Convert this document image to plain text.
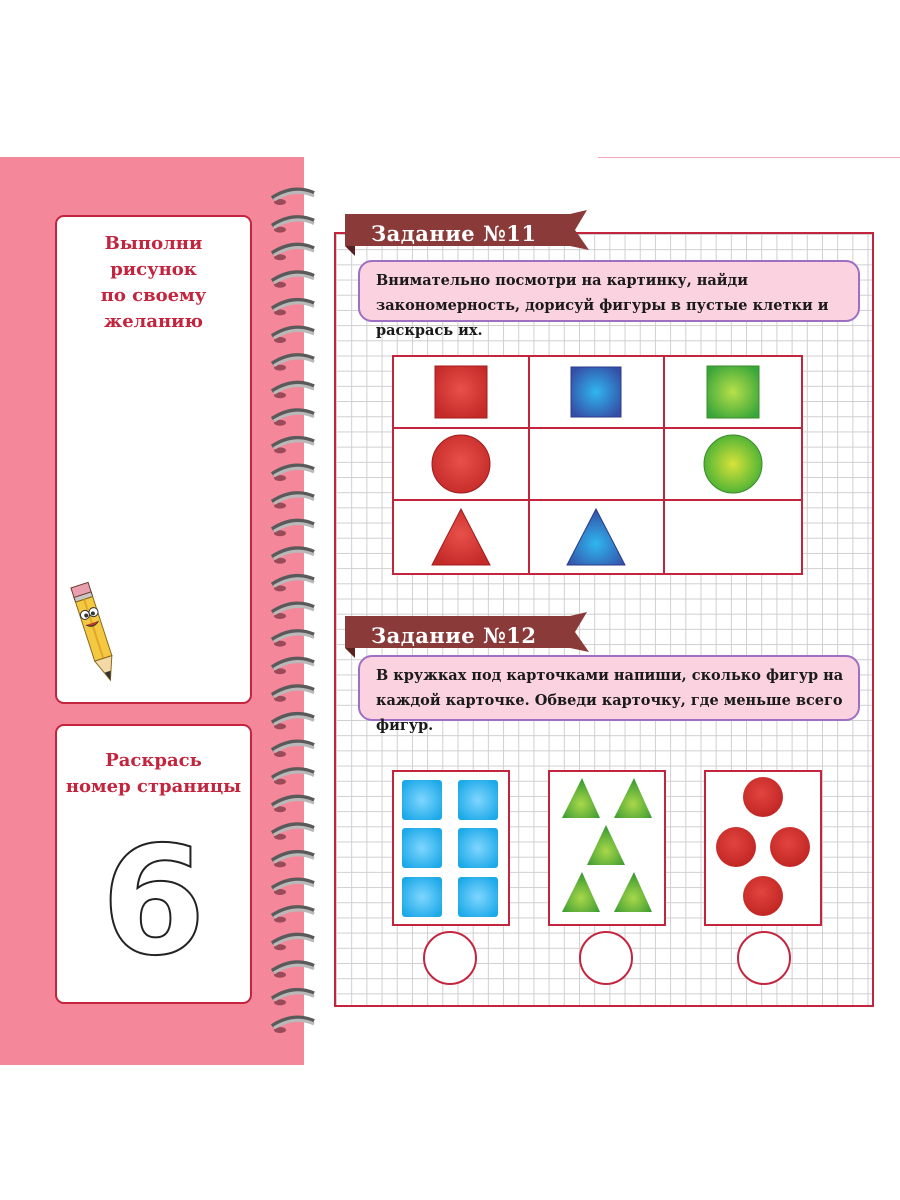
Выполни рисунок
по своему желанию
Раскрась
номер страницы
6
Задание №11
Внимательно посмотри на картинку, найди закономерность, дорисуй фигуры в пустые клетки и раскрась их.
Задание №12
В кружках под карточками напиши, сколько фигур на каждой карточке. Обведи карточку, где меньше всего фигур.
